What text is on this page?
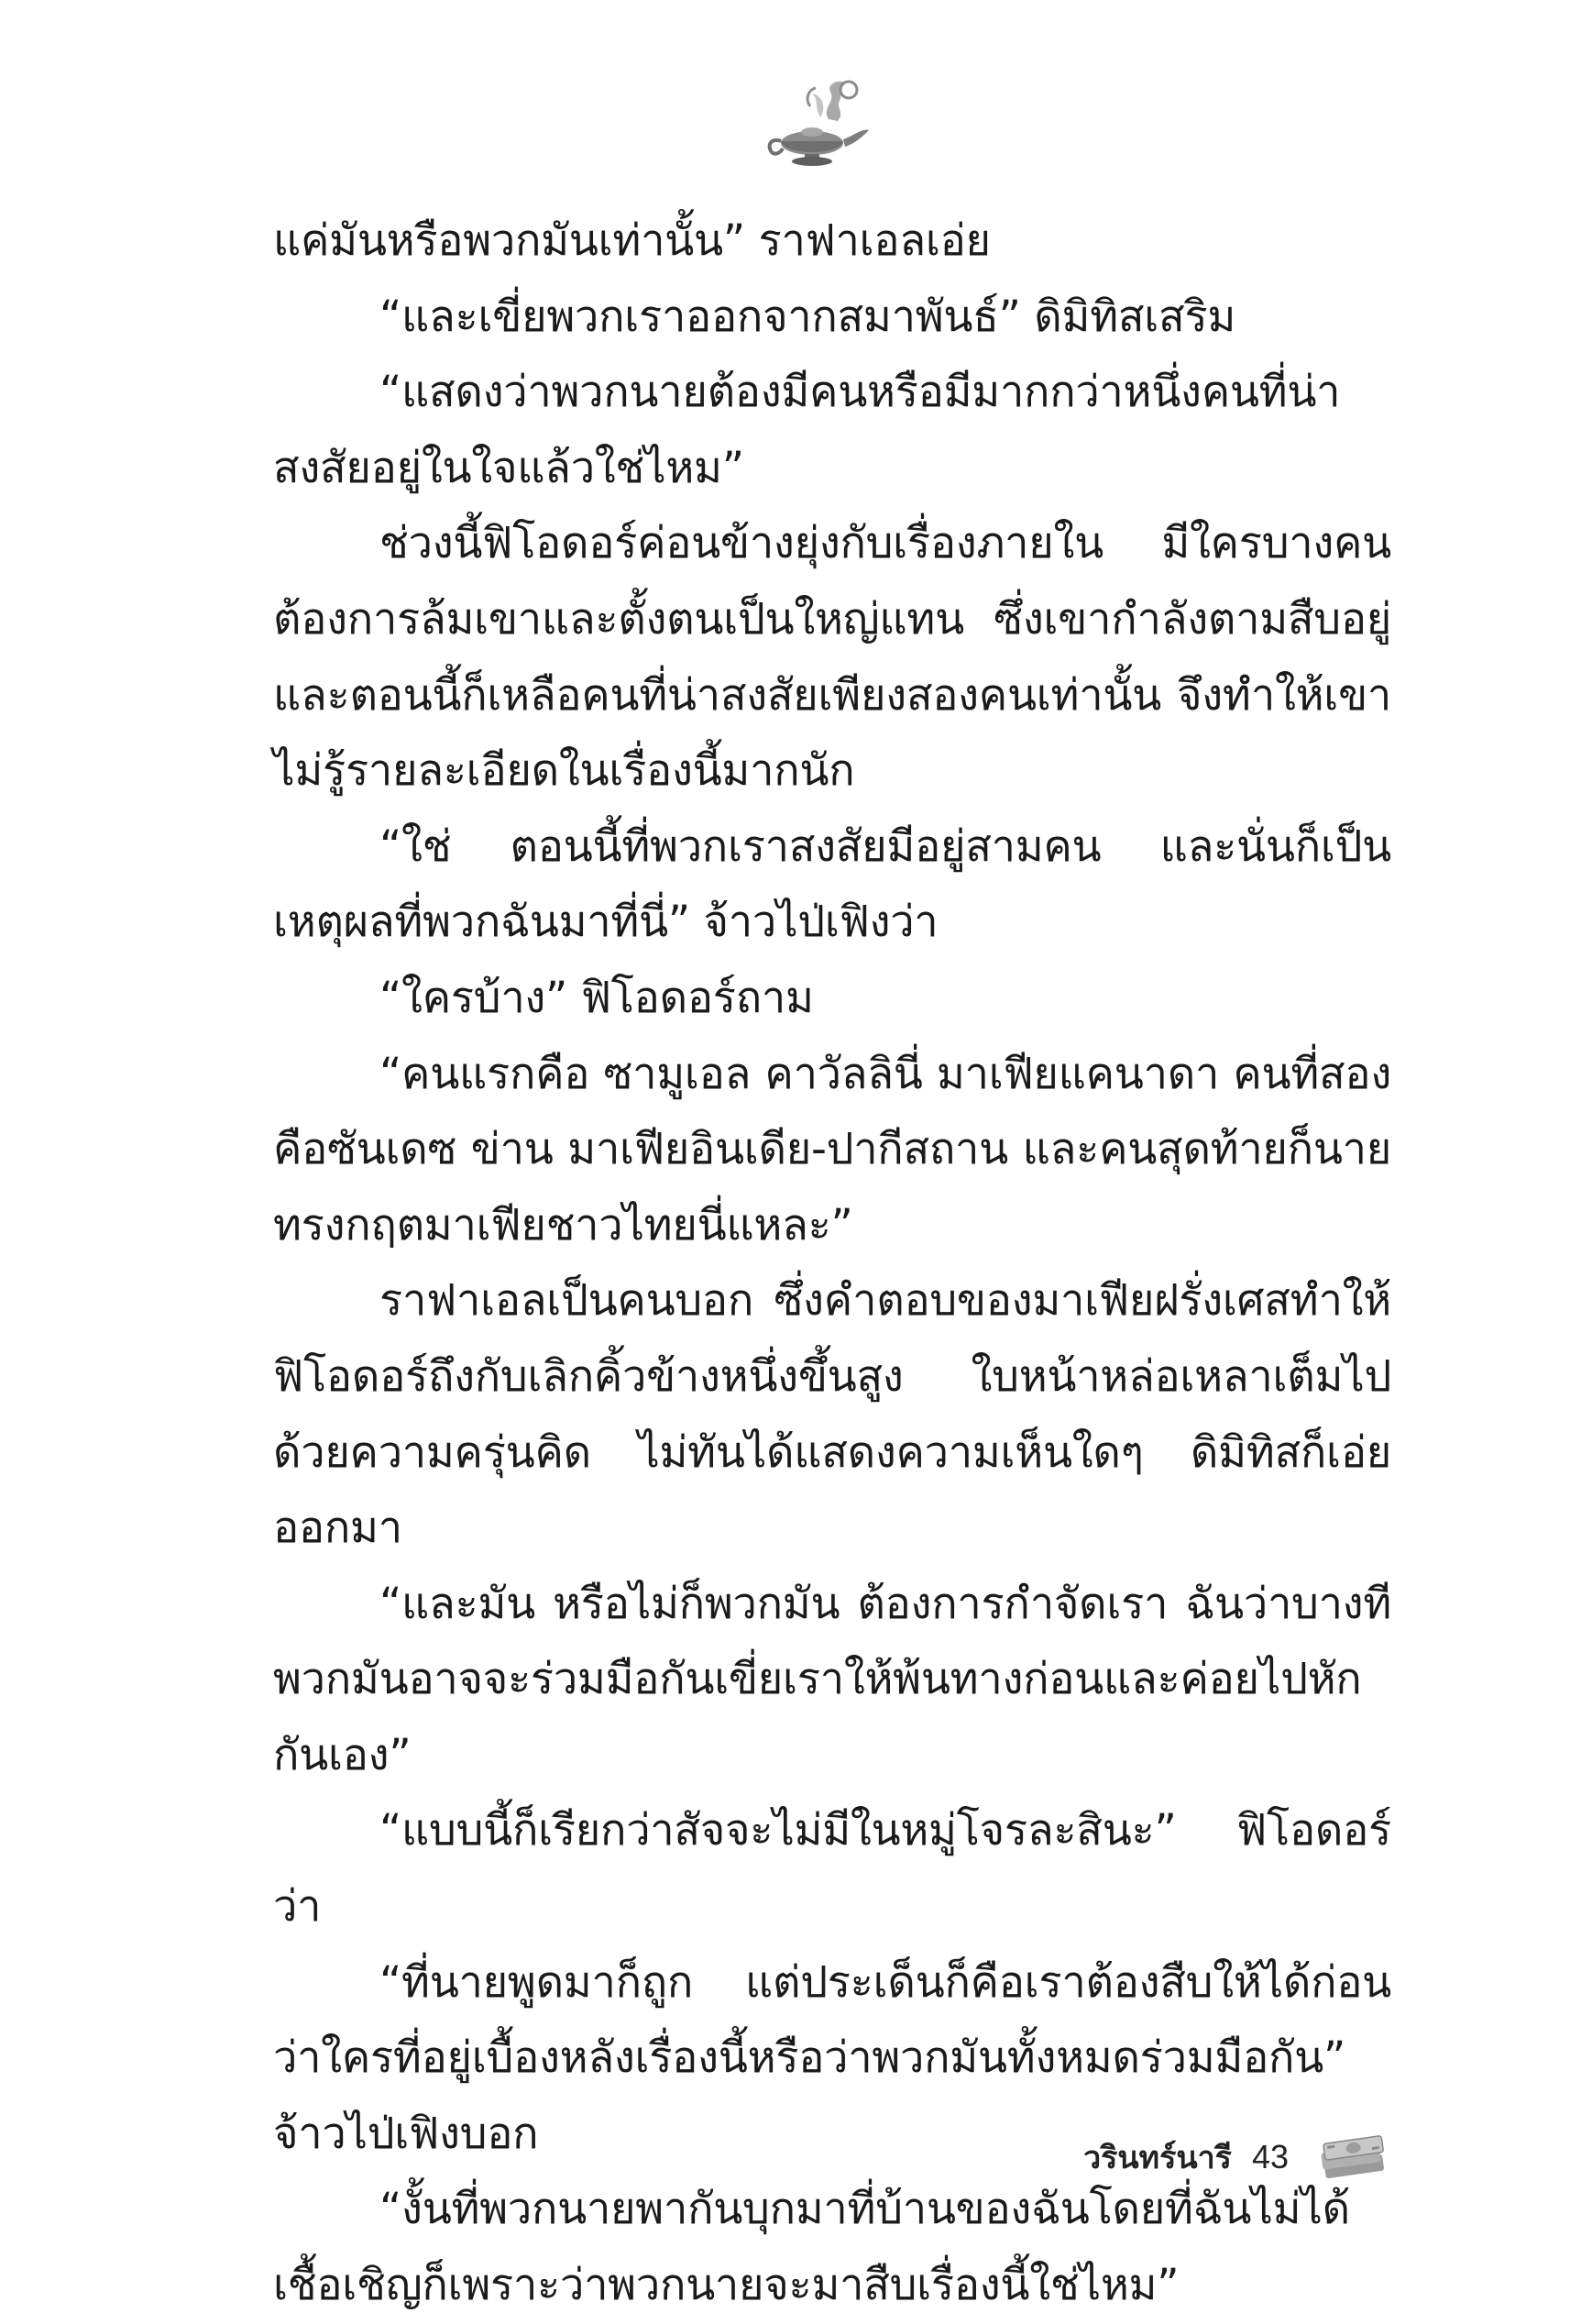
แค่มันหรือพวกมันเท่านั้น” ราฟาเอลเอ่ย

“และเขี่ยพวกเราออกจากสมาพันธ์” ดิมิทิสเสริม

“แสดงว่าพวกนายต้องมีคนหรือมีมากกว่าหนึ่งคนที่น่าสงสัยอยู่ในใจแล้วใช่ไหม”

ช่วงนี้ฟิโอดอร์ค่อนข้างยุ่งกับเรื่องภายใน มีใครบางคนต้องการล้มเขาและตั้งตนเป็นใหญ่แทน ซึ่งเขากำลังตามสืบอยู่และตอนนี้ก็เหลือคนที่น่าสงสัยเพียงสองคนเท่านั้น จึงทำให้เขาไม่รู้รายละเอียดในเรื่องนี้มากนัก

“ใช่ ตอนนี้ที่พวกเราสงสัยมีอยู่สามคน และนั่นก็เป็นเหตุผลที่พวกฉันมาที่นี่” จ้าวไป่เฟิงว่า

“ใครบ้าง” ฟิโอดอร์ถาม

“คนแรกคือ ซามูเอล คาวัลลินี่ มาเฟียแคนาดา คนที่สองคือซันเดซ ข่าน มาเฟียอินเดีย-ปากีสถาน และคนสุดท้ายก็นายทรงกฤตมาเฟียชาวไทยนี่แหละ”

ราฟาเอลเป็นคนบอก ซึ่งคำตอบของมาเฟียฝรั่งเศสทำให้ฟิโอดอร์ถึงกับเลิกคิ้วข้างหนึ่งขึ้นสูง ใบหน้าหล่อเหลาเต็มไปด้วยความครุ่นคิด ไม่ทันได้แสดงความเห็นใดๆ ดิมิทิสก็เอ่ยออกมา

“และมัน หรือไม่ก็พวกมัน ต้องการกำจัดเรา ฉันว่าบางทีพวกมันอาจจะร่วมมือกันเขี่ยเราให้พ้นทางก่อนและค่อยไปหักกันเอง”

“แบบนี้ก็เรียกว่าสัจจะไม่มีในหมู่โจรละสินะ” ฟิโอดอร์ว่า

“ที่นายพูดมาก็ถูก แต่ประเด็นก็คือเราต้องสืบให้ได้ก่อนว่าใครที่อยู่เบื้องหลังเรื่องนี้หรือว่าพวกมันทั้งหมดร่วมมือกัน” จ้าวไป่เฟิงบอก

“งั้นที่พวกนายพากันบุกมาที่บ้านของฉันโดยที่ฉันไม่ได้เชื้อเชิญก็เพราะว่าพวกนายจะมาสืบเรื่องนี้ใช่ไหม”

วรินทร์นารี 43
